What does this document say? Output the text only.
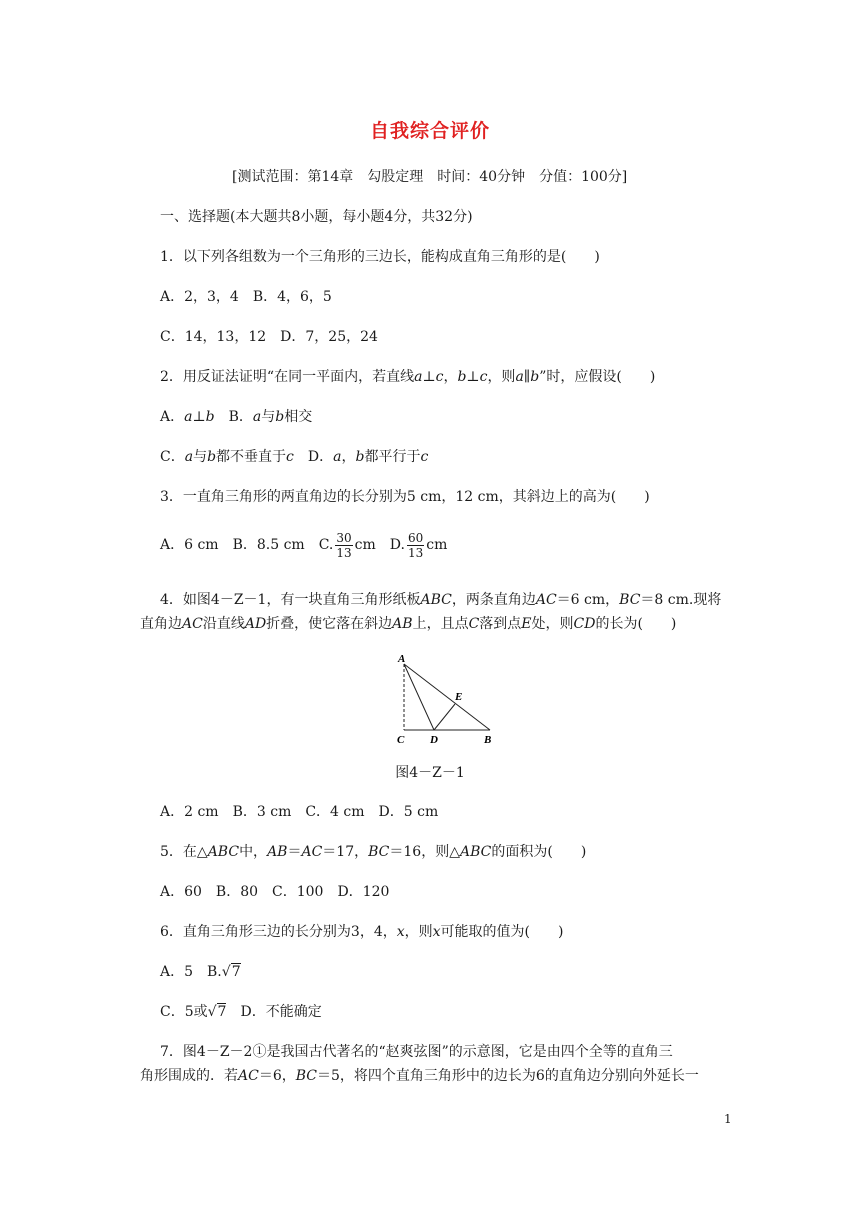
自我综合评价
[测试范围：第14章　勾股定理　时间：40分钟　分值：100分]
一、选择题(本大题共8小题，每小题4分，共32分)
1．以下列各组数为一个三角形的三边长，能构成直角三角形的是(　　)
A．2，3，4　B．4，6，5
C．14，13，12　D．7，25，24
2．用反证法证明“在同一平面内，若直线a⊥c，b⊥c，则a∥b”时，应假设(　　)
A．a⊥b　 B．a与b相交
C．a与b都不垂直于c　D．a，b都平行于c
3．一直角三角形的两直角边的长分别为5 cm，12 cm，其斜边上的高为(　　)
A．6 cm　B．8.5 cm　C. $\frac{30}{13}$ cm　D. $\frac{60}{13}$ cm
4．如图4－Z－1，有一块直角三角形纸板ABC，两条直角边AC＝6 cm，BC＝8 cm.现将
直角边AC沿直线AD折叠，使它落在斜边AB上，且点C落到点E处，则CD的长为(　　)
A
E
C D	B
图4－Z－1
A．2 cm　B．3 cm　C．4 cm　D．5 cm
5．在△ABC中，AB＝AC＝17，BC＝16，则△ABC的面积为(　　)
A．60　B．80　C．100　D．120
6．直角三角形三边的长分别为3，4，x，则x可能取的值为(　　)
A．5　B.√7
C．5或√7　 D．不能确定
7．图4－Z－2①是我国古代著名的“赵爽弦图”的示意图，它是由四个全等的直角三
角形围成的．若AC＝6，BC＝5，将四个直角三角形中的边长为6的直角边分别向外延长一
1
